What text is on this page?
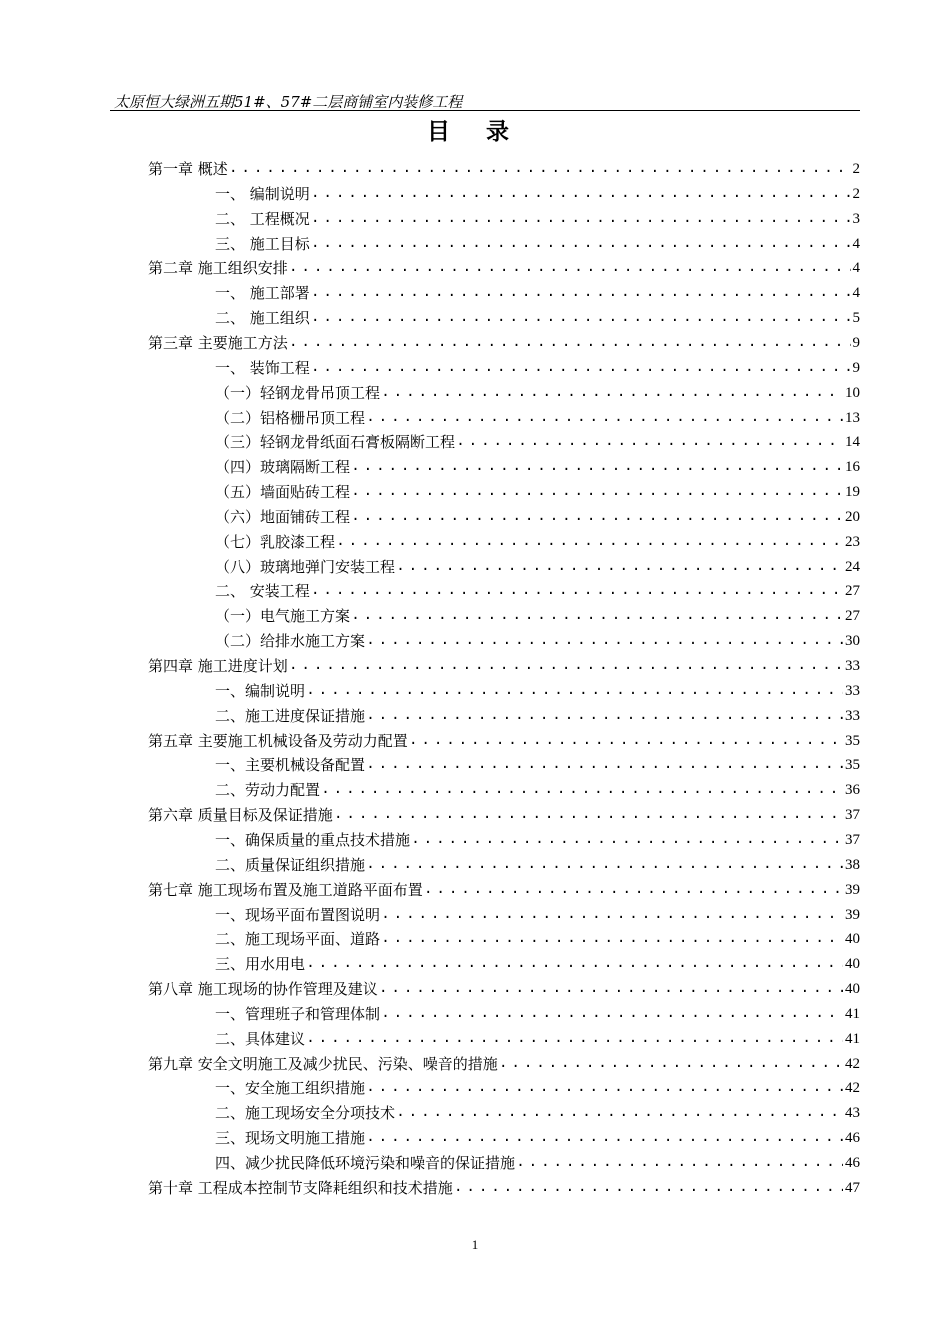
太原恒大绿洲五期51#、57#二层商铺室内装修工程
目 录
第一章 概述 .....	2
一、 编制说明 .....	2
二、 工程概况 .....	3
三、 施工目标 .....	4
第二章 施工组织安排 .....	4
一、 施工部署 .....	4
二、 施工组织 .....	5
第三章 主要施工方法 .....	9
一、 装饰工程 .....	9
（一）轻钢龙骨吊顶工程 .....	10
（二）铝格栅吊顶工程 .....	13
（三）轻钢龙骨纸面石膏板隔断工程 .....	14
（四）玻璃隔断工程 .....	16
（五）墙面贴砖工程 .....	19
（六）地面铺砖工程 .....	20
（七）乳胶漆工程 .....	23
（八）玻璃地弹门安装工程 .....	24
二、 安装工程 .....	27
（一）电气施工方案 .....	27
（二）给排水施工方案 .....	30
第四章 施工进度计划 .....	33
一、编制说明 .....	33
二、施工进度保证措施 .....	33
第五章 主要施工机械设备及劳动力配置 .....	35
一、主要机械设备配置 .....	35
二、劳动力配置 .....	36
第六章 质量目标及保证措施 .....	37
一、确保质量的重点技术措施 .....	37
二、质量保证组织措施 .....	38
第七章 施工现场布置及施工道路平面布置 .....	39
一、现场平面布置图说明 .....	39
二、施工现场平面、道路 .....	40
三、用水用电 .....	40
第八章 施工现场的协作管理及建议 .....	40
一、管理班子和管理体制 .....	41
二、具体建议 .....	41
第九章 安全文明施工及减少扰民、污染、噪音的措施 .....	42
一、安全施工组织措施 .....	42
二、施工现场安全分项技术 .....	43
三、现场文明施工措施 .....	46
四、减少扰民降低环境污染和噪音的保证措施 .....	46
第十章 工程成本控制节支降耗组织和技术措施 .....	47
1
